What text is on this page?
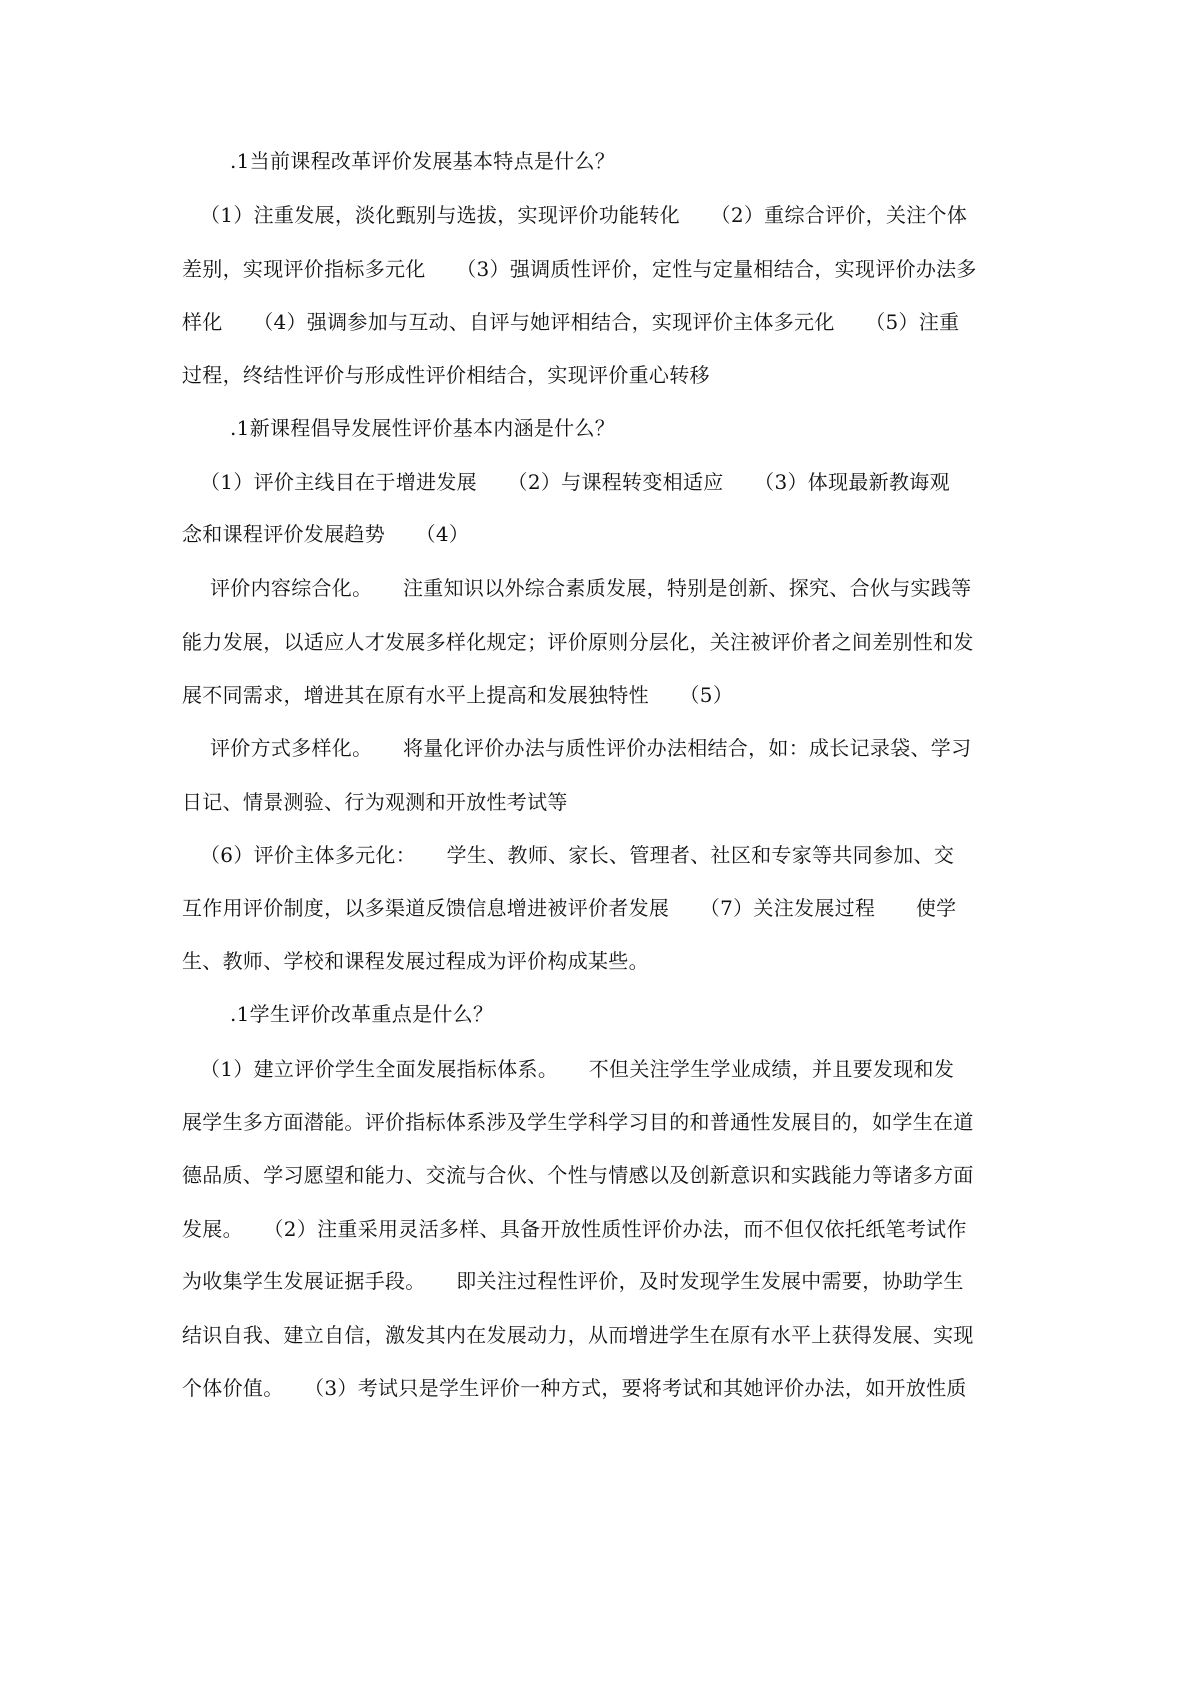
.1当前课程改革评价发展基本特点是什么？
（1）注重发展，淡化甄别与选拔，实现评价功能转化　　（2）重综合评价，关注个体
差别，实现评价指标多元化　　（3）强调质性评价，定性与定量相结合，实现评价办法多
样化　　（4）强调参加与互动、自评与她评相结合，实现评价主体多元化　　（5）注重
过程，终结性评价与形成性评价相结合，实现评价重心转移
.1新课程倡导发展性评价基本内涵是什么？
（1）评价主线目在于增进发展　　（2）与课程转变相适应　　（3）体现最新教诲观
念和课程评价发展趋势　　（4）
评价内容综合化。　　注重知识以外综合素质发展，特别是创新、探究、合伙与实践等
能力发展，以适应人才发展多样化规定；评价原则分层化，关注被评价者之间差别性和发
展不同需求，增进其在原有水平上提高和发展独特性　　（5）
评价方式多样化。　　将量化评价办法与质性评价办法相结合，如：成长记录袋、学习
日记、情景测验、行为观测和开放性考试等
（6）评价主体多元化：　　学生、教师、家长、管理者、社区和专家等共同参加、交
互作用评价制度，以多渠道反馈信息增进被评价者发展　　（7）关注发展过程　　使学
生、教师、学校和课程发展过程成为评价构成某些。
.1学生评价改革重点是什么？
（1）建立评价学生全面发展指标体系。　　不但关注学生学业成绩，并且要发现和发
展学生多方面潜能。评价指标体系涉及学生学科学习目的和普通性发展目的，如学生在道
德品质、学习愿望和能力、交流与合伙、个性与情感以及创新意识和实践能力等诸多方面
发展。　　（2）注重采用灵活多样、具备开放性质性评价办法，而不但仅依托纸笔考试作
为收集学生发展证据手段。　　即关注过程性评价，及时发现学生发展中需要，协助学生
结识自我、建立自信，激发其内在发展动力，从而增进学生在原有水平上获得发展、实现
个体价值。　　（3）考试只是学生评价一种方式，要将考试和其她评价办法，如开放性质
